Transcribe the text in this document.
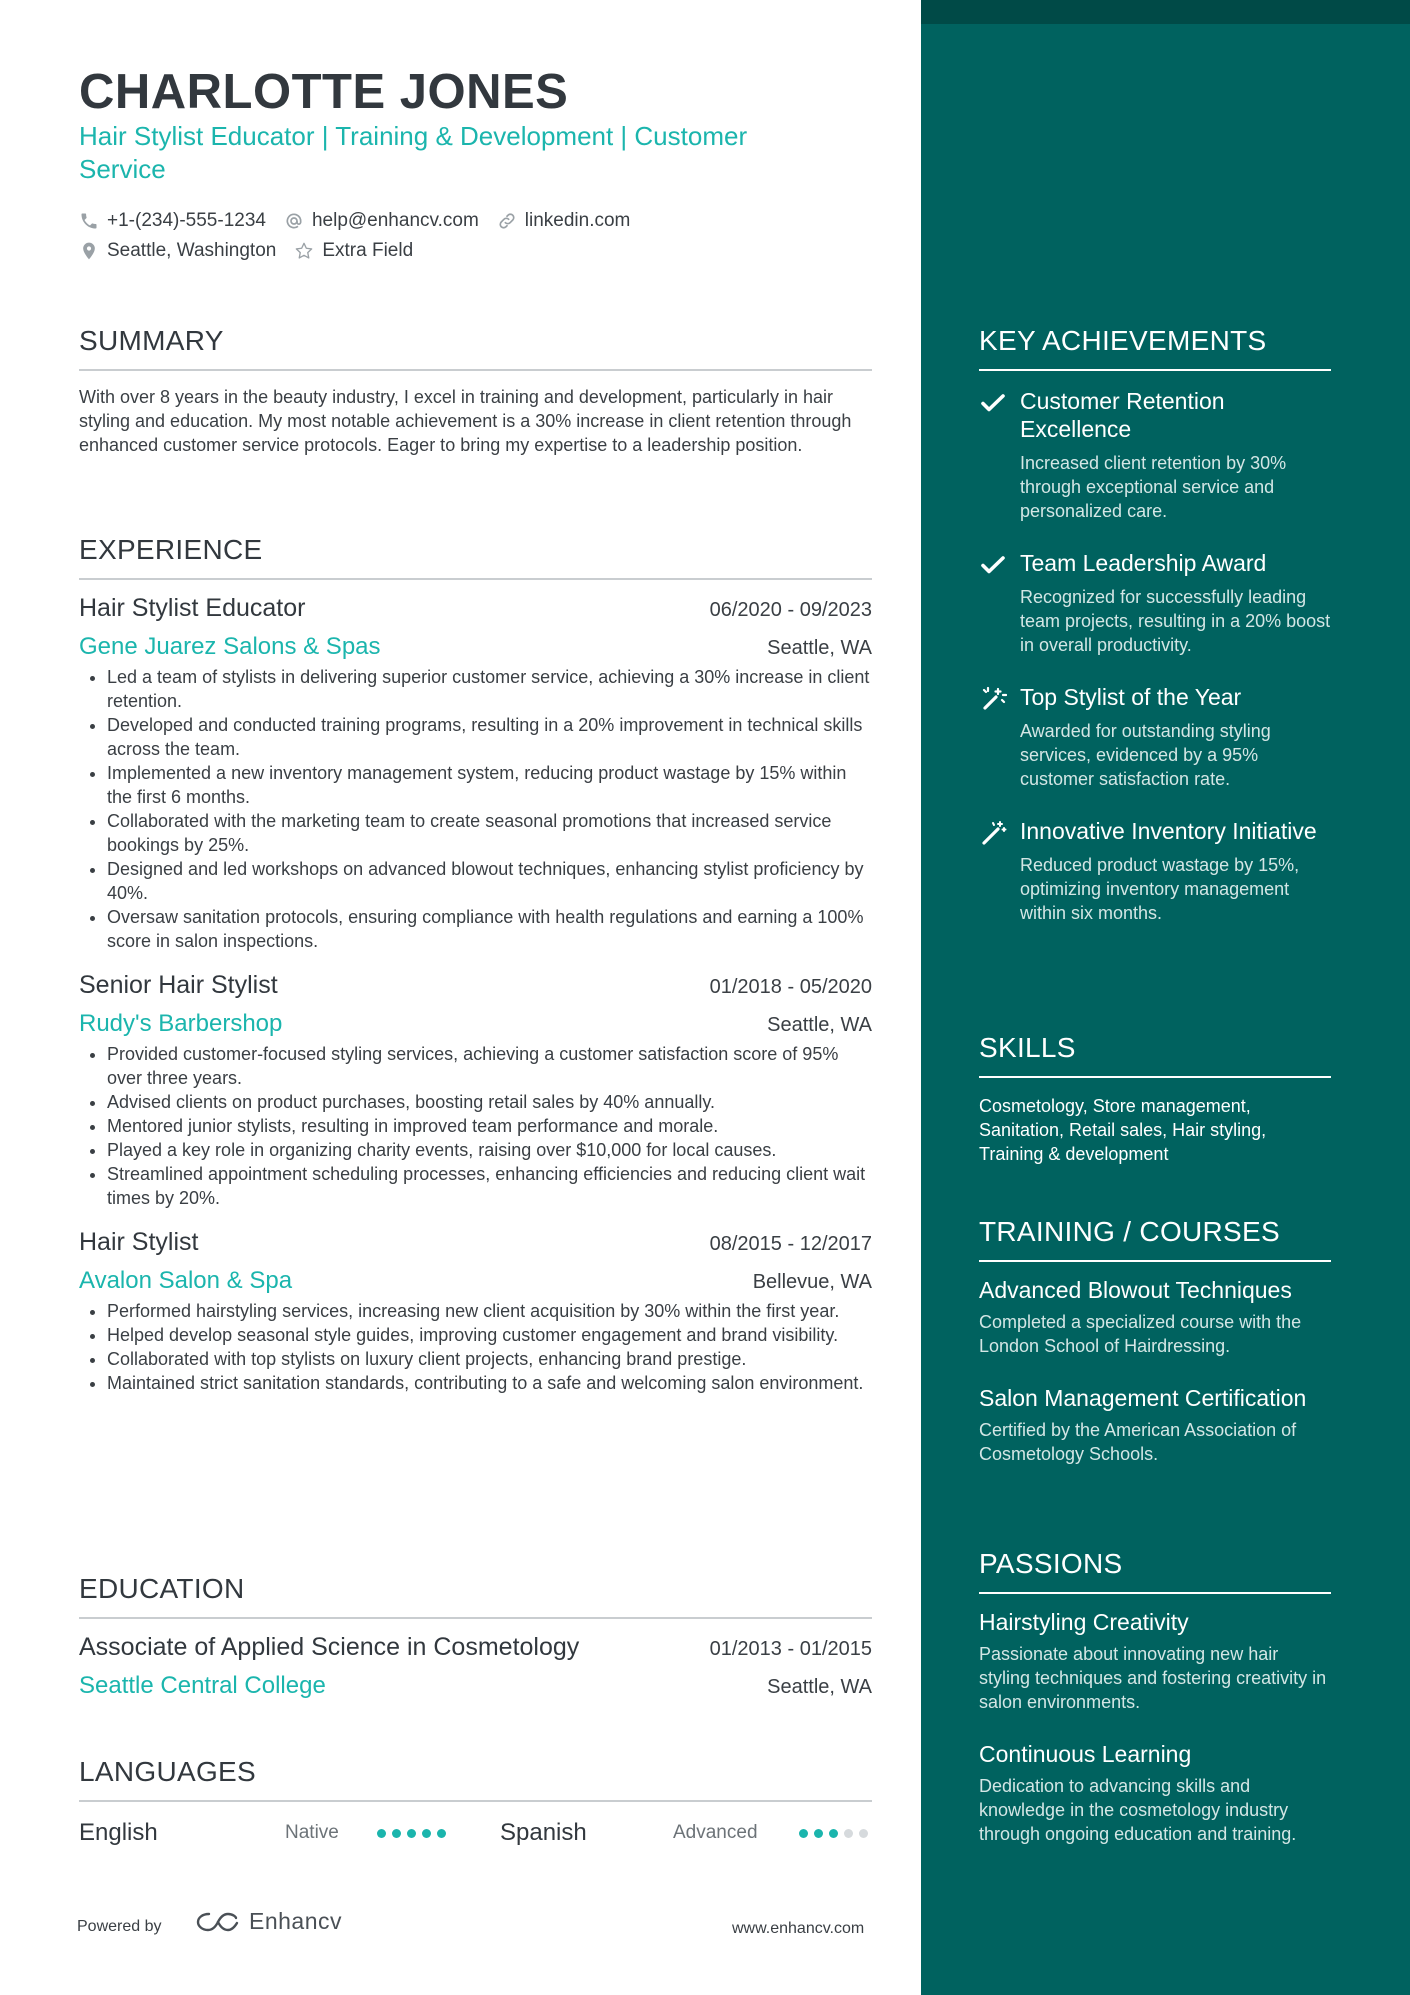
CHARLOTTE JONES
Hair Stylist Educator | Training & Development | Customer Service
+1-(234)-555-1234 help@enhancv.com linkedin.com
Seattle, Washington Extra Field
SUMMARY

With over 8 years in the beauty industry, I excel in training and development, particularly in hair styling and education. My most notable achievement is a 30% increase in client retention through enhanced customer service protocols. Eager to bring my expertise to a leadership position.

EXPERIENCE
Hair Stylist Educator	06/2020 - 09/2023
Gene Juarez Salons & Spas	Seattle, WA
• Led a team of stylists in delivering superior customer service, achieving a 30% increase in client retention.
• Developed and conducted training programs, resulting in a 20% improvement in technical skills across the team.
• Implemented a new inventory management system, reducing product wastage by 15% within the first 6 months.
• Collaborated with the marketing team to create seasonal promotions that increased service bookings by 25%.
• Designed and led workshops on advanced blowout techniques, enhancing stylist proficiency by 40%.
• Oversaw sanitation protocols, ensuring compliance with health regulations and earning a 100% score in salon inspections.
Senior Hair Stylist	01/2018 - 05/2020
Rudy's Barbershop	Seattle, WA
• Provided customer-focused styling services, achieving a customer satisfaction score of 95% over three years.
• Advised clients on product purchases, boosting retail sales by 40% annually.
• Mentored junior stylists, resulting in improved team performance and morale.
• Played a key role in organizing charity events, raising over $10,000 for local causes.
• Streamlined appointment scheduling processes, enhancing efficiencies and reducing client wait times by 20%.
Hair Stylist	08/2015 - 12/2017
Avalon Salon & Spa	Bellevue, WA
• Performed hairstyling services, increasing new client acquisition by 30% within the first year.
• Helped develop seasonal style guides, improving customer engagement and brand visibility.
• Collaborated with top stylists on luxury client projects, enhancing brand prestige.
• Maintained strict sanitation standards, contributing to a safe and welcoming salon environment.
EDUCATION
Associate of Applied Science in Cosmetology	01/2013 - 01/2015
Seattle Central College	Seattle, WA
LANGUAGES
English	Native	Spanish	Advanced
Powered by	Enhancv	www.enhancv.com
KEY ACHIEVEMENTS
Customer Retention Excellence
Increased client retention by 30% through exceptional service and personalized care.
Team Leadership Award
Recognized for successfully leading team projects, resulting in a 20% boost in overall productivity.
Top Stylist of the Year
Awarded for outstanding styling services, evidenced by a 95% customer satisfaction rate.
Innovative Inventory Initiative
Reduced product wastage by 15%, optimizing inventory management within six months.
SKILLS

Cosmetology, Store management, Sanitation, Retail sales, Hair styling, Training & development

TRAINING / COURSES
Advanced Blowout Techniques
Completed a specialized course with the London School of Hairdressing.
Salon Management Certification
Certified by the American Association of Cosmetology Schools.
PASSIONS
Hairstyling Creativity
Passionate about innovating new hair styling techniques and fostering creativity in salon environments.
Continuous Learning
Dedication to advancing skills and knowledge in the cosmetology industry through ongoing education and training.
